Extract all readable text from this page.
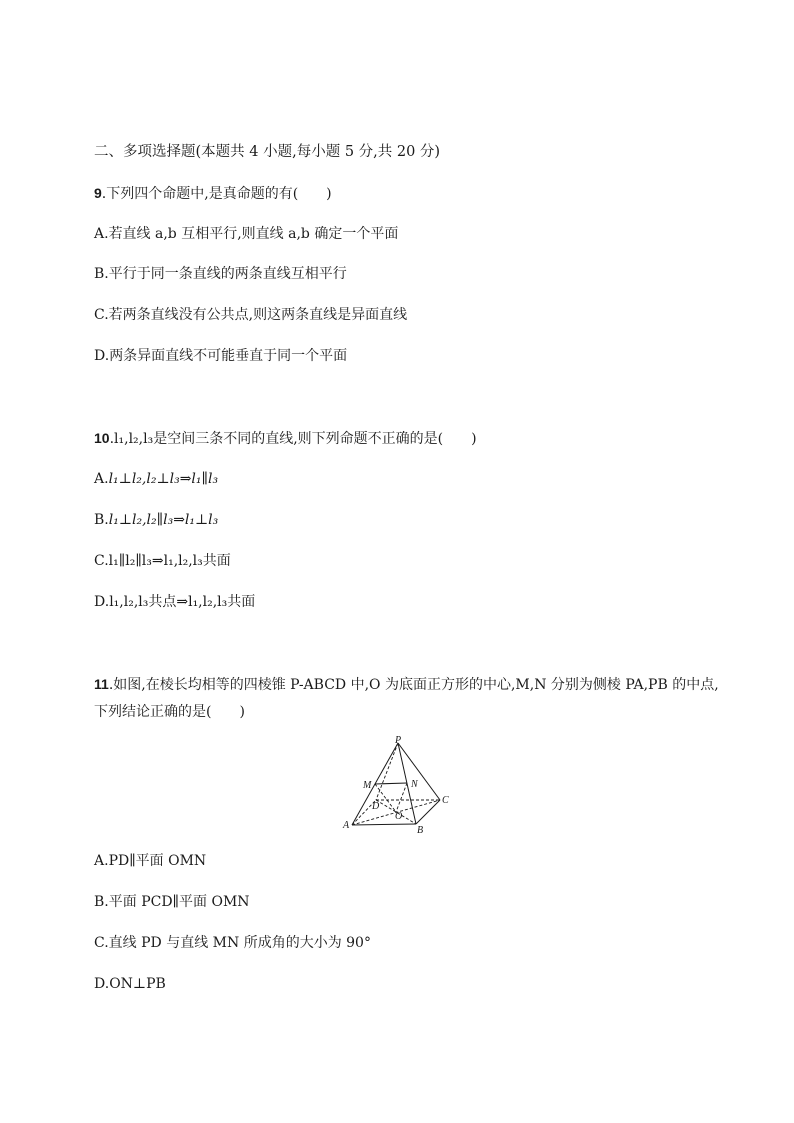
二、多项选择题(本题共 4 小题,每小题 5 分,共 20 分)
9.下列四个命题中,是真命题的有(　　)
A.若直线 a,b 互相平行,则直线 a,b 确定一个平面
B.平行于同一条直线的两条直线互相平行
C.若两条直线没有公共点,则这两条直线是异面直线
D.两条异面直线不可能垂直于同一个平面
10.l₁,l₂,l₃是空间三条不同的直线,则下列命题不正确的是(　　)
A.l₁⊥l₂,l₂⊥l₃⇒l₁∥l₃
B.l₁⊥l₂,l₂∥l₃⇒l₁⊥l₃
C.l₁∥l₂∥l₃⇒l₁,l₂,l₃共面
D.l₁,l₂,l₃共点⇒l₁,l₂,l₃共面
11.如图,在棱长均相等的四棱锥 P-ABCD 中,O 为底面正方形的中心,M,N 分别为侧棱 PA,PB 的中点,
下列结论正确的是(　　)
P
M	N
D
C
O
A	B
A.PD∥平面 OMN
B.平面 PCD∥平面 OMN
C.直线 PD 与直线 MN 所成角的大小为 90°
D.ON⊥PB
